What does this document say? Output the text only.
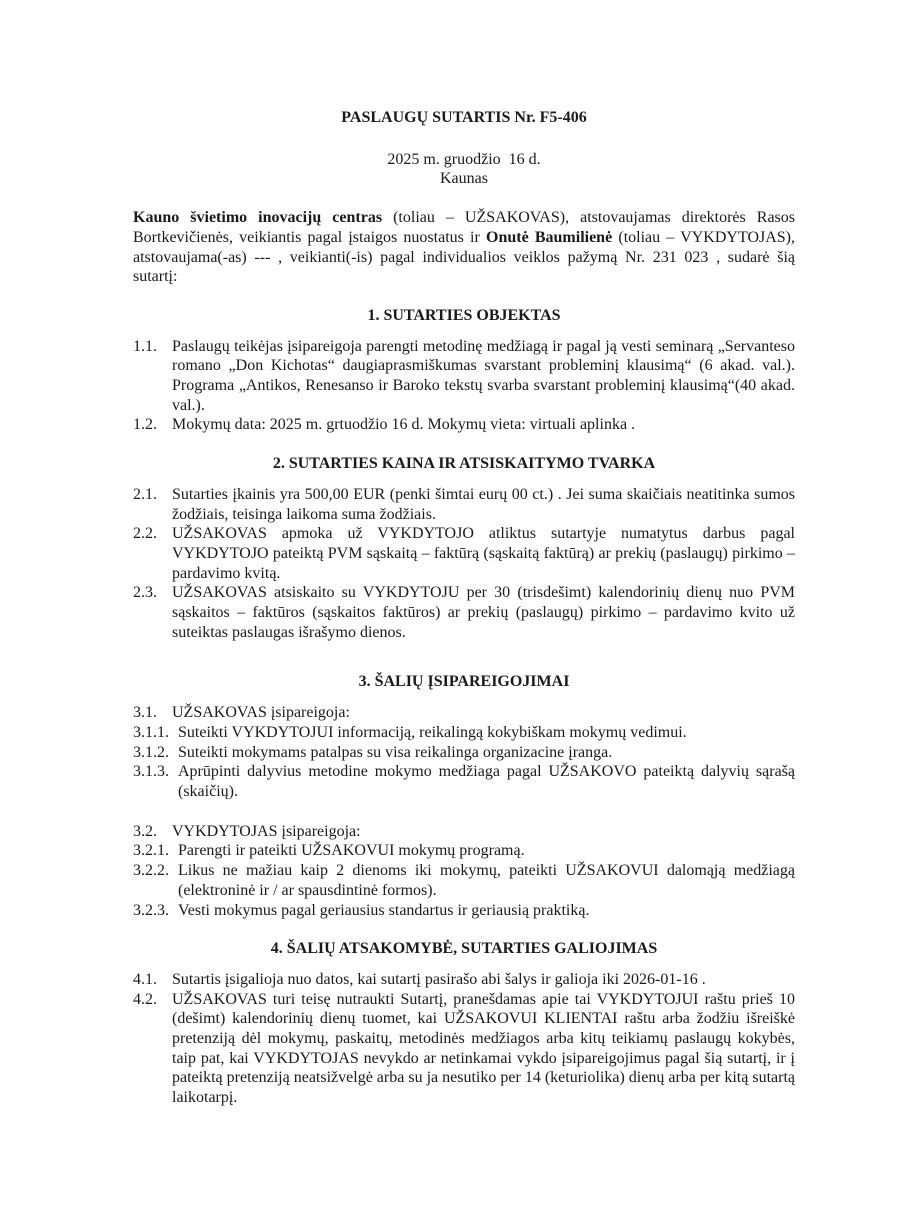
PASLAUGŲ SUTARTIS Nr. F5-406
2025 m. gruodžio  16 d.
Kaunas
Kauno švietimo inovacijų centras (toliau – UŽSAKOVAS), atstovaujamas direktorės Rasos Bortkevičienės, veikiantis pagal įstaigos nuostatus ir Onutė Baumilienė (toliau – VYKDYTOJAS), atstovaujama(-as) --- , veikianti(-is) pagal individualios veiklos pažymą Nr. 231 023 , sudarė šią sutartį:
1. SUTARTIES OBJEKTAS
1.1. Paslaugų teikėjas įsipareigoja parengti metodinę medžiagą ir pagal ją vesti seminarą „Servanteso romano „Don Kichotas“ daugiaprasmiškumas svarstant probleminį klausimą“ (6 akad. val.). Programa „Antikos, Renesanso ir Baroko tekstų svarba svarstant probleminį klausimą“(40 akad. val.).
1.2. Mokymų data: 2025 m. grtuodžio 16 d. Mokymų vieta: virtuali aplinka .
2. SUTARTIES KAINA IR ATSISKAITYMO TVARKA
2.1. Sutarties įkainis yra 500,00 EUR (penki šimtai eurų 00 ct.) . Jei suma skaičiais neatitinka sumos žodžiais, teisinga laikoma suma žodžiais.
2.2. UŽSAKOVAS apmoka už VYKDYTOJO atliktus sutartyje numatytus darbus pagal VYKDYTOJO pateiktą PVM sąskaitą – faktūrą (sąskaitą faktūrą) ar prekių (paslaugų) pirkimo – pardavimo kvitą.
2.3. UŽSAKOVAS atsiskaito su VYKDYTOJU per 30 (trisdešimt) kalendorinių dienų nuo PVM sąskaitos – faktūros (sąskaitos faktūros) ar prekių (paslaugų) pirkimo – pardavimo kvito už suteiktas paslaugas išrašymo dienos.
3. ŠALIŲ ĮSIPAREIGOJIMAI
3.1. UŽSAKOVAS įsipareigoja:
3.1.1. Suteikti VYKDYTOJUI informaciją, reikalingą kokybiškam mokymų vedimui.
3.1.2. Suteikti mokymams patalpas su visa reikalinga organizacine įranga.
3.1.3. Aprūpinti dalyvius metodine mokymo medžiaga pagal UŽSAKOVO pateiktą dalyvių sąrašą (skaičių).
3.2. VYKDYTOJAS įsipareigoja:
3.2.1. Parengti ir pateikti UŽSAKOVUI mokymų programą.
3.2.2. Likus ne mažiau kaip 2 dienoms iki mokymų, pateikti UŽSAKOVUI dalomąją medžiagą (elektroninė ir / ar spausdintinė formos).
3.2.3. Vesti mokymus pagal geriausius standartus ir geriausią praktiką.
4. ŠALIŲ ATSAKOMYBĖ, SUTARTIES GALIOJIMAS
4.1. Sutartis įsigalioja nuo datos, kai sutartį pasirašo abi šalys ir galioja iki 2026-01-16 .
4.2. UŽSAKOVAS turi teisę nutraukti Sutartį, pranešdamas apie tai VYKDYTOJUI raštu prieš 10 (dešimt) kalendorinių dienų tuomet, kai UŽSAKOVUI KLIENTAI raštu arba žodžiu išreiškė pretenziją dėl mokymų, paskaitų, metodinės medžiagos arba kitų teikiamų paslaugų kokybės, taip pat, kai VYKDYTOJAS nevykdo ar netinkamai vykdo įsipareigojimus pagal šią sutartį, ir į pateiktą pretenziją neatsižvelgė arba su ja nesutiko per 14 (keturiolika) dienų arba per kitą sutartą laikotarpį.
